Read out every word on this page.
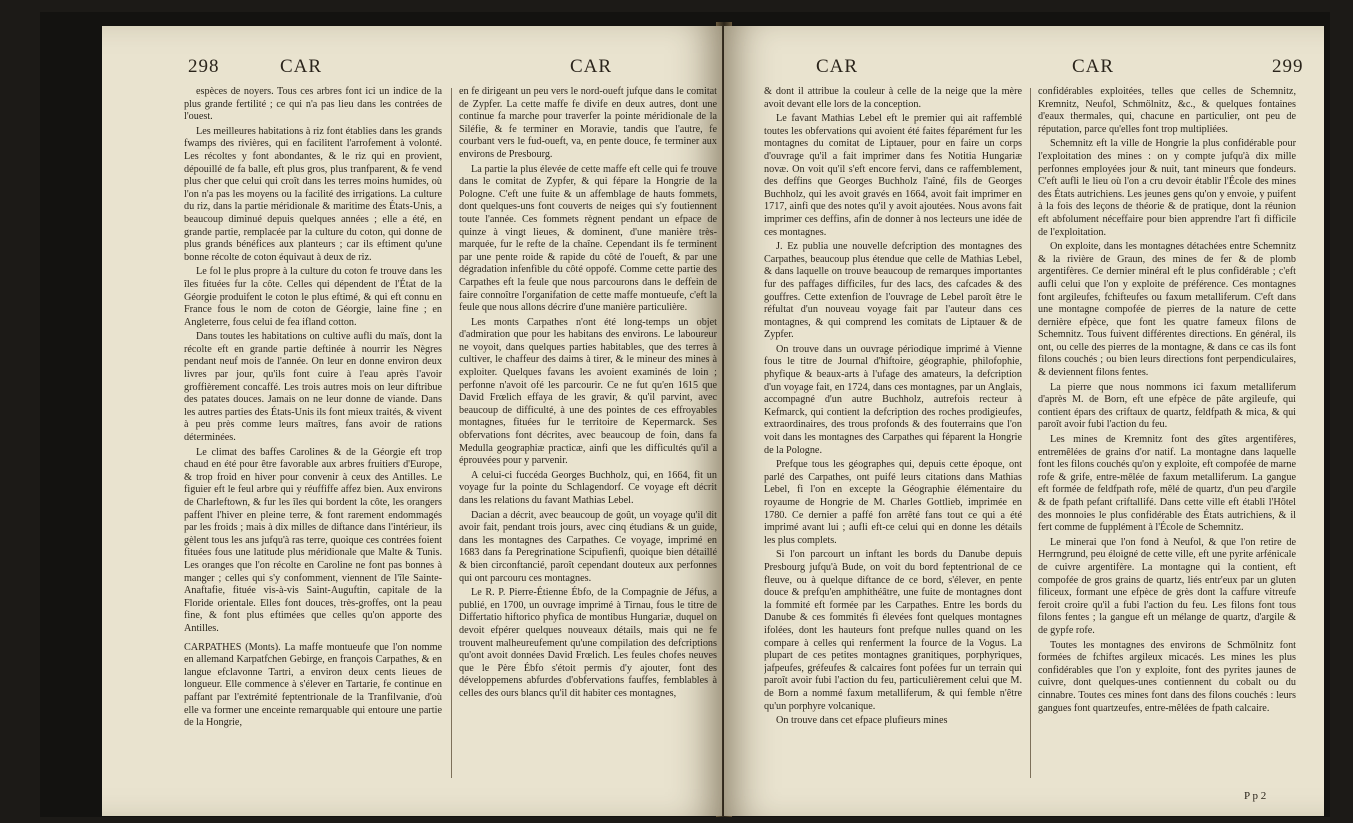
298	CAR	CAR

espèces de noyers. Tous ces arbres font ici un indice de la plus grande fertilité ; ce qui n'a pas lieu dans les contrées de l'ouest.

Les meilleures habitations à riz font établies dans les grands fwamps des rivières, qui en facilitent l'arrofement à volonté. Les récoltes y font abondantes, & le riz qui en provient, dépouillé de fa balle, eft plus gros, plus tranfparent, & fe vend plus cher que celui qui croît dans les terres moins humides, où l'on n'a pas les moyens ou la facilité des irrigations. La culture du riz, dans la partie méridionale & maritime des États-Unis, a beaucoup diminué depuis quelques années ; elle a été, en grande partie, remplacée par la culture du coton, qui donne de plus grands bénéfices aux planteurs ; car ils eftiment qu'une bonne récolte de coton équivaut à deux de riz.

Le fol le plus propre à la culture du coton fe trouve dans les îles fituées fur la côte. Celles qui dépendent de l'État de la Géorgie produifent le coton le plus eftimé, & qui eft connu en France fous le nom de coton de Géorgie, laine fine ; en Angleterre, fous celui de fea ifland cotton.

Dans toutes les habitations on cultive aufli du maïs, dont la récolte eft en grande partie deftinée à nourrir les Nègres pendant neuf mois de l'année. On leur en donne environ deux livres par jour, qu'ils font cuire à l'eau après l'avoir groffièrement concaffé. Les trois autres mois on leur diftribue des patates douces. Jamais on ne leur donne de viande. Dans les autres parties des États-Unis ils font mieux traités, & vivent à peu près comme leurs maîtres, fans avoir de rations déterminées.

Le climat des baffes Carolines & de la Géorgie eft trop chaud en été pour être favorable aux arbres fruitiers d'Europe, & trop froid en hiver pour convenir à ceux des Antilles. Le figuier eft le feul arbre qui y réuffiffe affez bien. Aux environs de Charleftown, & fur les îles qui bordent la côte, les orangers paffent l'hiver en pleine terre, & font rarement endommagés par les froids ; mais à dix milles de diftance dans l'intérieur, ils gèlent tous les ans jufqu'à ras terre, quoique ces contrées foient fituées fous une latitude plus méridionale que Malte & Tunis. Les oranges que l'on récolte en Caroline ne font pas bonnes à manger ; celles qui s'y confomment, viennent de l'île Sainte-Anaftafie, fituée vis-à-vis Saint-Auguftin, capitale de la Floride orientale. Elles font douces, très-groffes, ont la peau fine, & font plus eftimées que celles qu'on apporte des Antilles.

CARPATHES (Monts). La maffe montueufe que l'on nomme en allemand Karpatfchen Gebirge, en françois Carpathes, & en langue efclavonne Tartri, a environ deux cents lieues de longueur. Elle commence à s'élever en Tartarie, fe continue en paffant par l'extrémité feptentrionale de la Tranfilvanie, d'où elle va former une enceinte remarquable qui entoure une partie de la Hongrie,

en fe dirigeant un peu vers le nord-oueft jufque dans le comitat de Zypfer. La cette maffe fe divife en deux autres, dont une continue fa marche pour traverfer la pointe méridionale de la Siléfie, & fe terminer en Moravie, tandis que l'autre, fe courbant vers le fud-oueft, va, en pente douce, fe terminer aux environs de Presbourg.

La partie la plus élevée de cette maffe eft celle qui fe trouve dans le comitat de Zypfer, & qui fépare la Hongrie de la Pologne. C'eft une fuite & un affemblage de hauts fommets, dont quelques-uns font couverts de neiges qui s'y foutiennent toute l'année. Ces fommets règnent pendant un efpace de quinze à vingt lieues, & dominent, d'une manière très-marquée, fur le refte de la chaîne. Cependant ils fe terminent par une pente roide & rapide du côté de l'oueft, & par une dégradation infenfible du côté oppofé. Comme cette partie des Carpathes eft la feule que nous parcourons dans le deffein de faire connoître l'organifation de cette maffe montueufe, c'eft la feule que nous allons décrire d'une manière particulière.

Les monts Carpathes n'ont été long-temps un objet d'admiration que pour les habitans des environs. Le laboureur ne voyoit, dans quelques parties habitables, que des terres à cultiver, le chaffeur des daims à tirer, & le mineur des mines à exploiter. Quelques favans les avoient examinés de loin ; perfonne n'avoit ofé les parcourir. Ce ne fut qu'en 1615 que David Frœlich effaya de les gravir, & qu'il parvint, avec beaucoup de difficulté, à une des pointes de ces effroyables montagnes, fituées fur le territoire de Kepermarck. Ses obfervations font décrites, avec beaucoup de foin, dans fa Medulla geographiæ practicæ, ainfi que les difficultés qu'il a éprouvées pour y parvenir.

A celui-ci fuccéda Georges Buchholz, qui, en 1664, fit un voyage fur la pointe du Schlagendorf. Ce voyage eft décrit dans les relations du favant Mathias Lebel.

Dacian a décrit, avec beaucoup de goût, un voyage qu'il dit avoir fait, pendant trois jours, avec cinq étudians & un guide, dans les montagnes des Carpathes. Ce voyage, imprimé en 1683 dans fa Peregrinatione Scipufienfi, quoique bien détaillé & bien circonftancié, paroît cependant douteux aux perfonnes qui ont parcouru ces montagnes.

Le R. P. Pierre-Étienne Ébfo, de la Compagnie de Jéfus, a publié, en 1700, un ouvrage imprimé à Tirnau, fous le titre de Differtatio hiftorico phyfica de montibus Hungariæ, duquel on devoit efpérer quelques nouveaux détails, mais qui ne fe trouvent malheureufement qu'une compilation des defcriptions qu'ont avoit données David Frœlich. Les feules chofes neuves que le Père Ébfo s'étoit permis d'y ajouter, font des développemens abfurdes d'obfervations fauffes, femblables à celles des ours blancs qu'il dit habiter ces montagnes,

CAR	CAR	299

& dont il attribue la couleur à celle de la neige que la mère avoit devant elle lors de la conception.

Le favant Mathias Lebel eft le premier qui ait raffemblé toutes les obfervations qui avoient été faites féparément fur les montagnes du comitat de Liptauer, pour en faire un corps d'ouvrage qu'il a fait imprimer dans fes Notitia Hungariæ novæ. On voit qu'il s'eft encore fervi, dans ce raffemblement, des deffins que Georges Buchholz l'aîné, fils de Georges Buchholz, qui les avoit gravés en 1664, avoit fait imprimer en 1717, ainfi que des notes qu'il y avoit ajoutées. Nous avons fait imprimer ces deffins, afin de donner à nos lecteurs une idée de ces montagnes.

J. Ez publia une nouvelle defcription des montagnes des Carpathes, beaucoup plus étendue que celle de Mathias Lebel, & dans laquelle on trouve beaucoup de remarques importantes fur des paffages difficiles, fur des lacs, des cafcades & des gouffres. Cette extenfion de l'ouvrage de Lebel paroît être le réfultat d'un nouveau voyage fait par l'auteur dans ces montagnes, & qui comprend les comitats de Liptauer & de Zypfer.

On trouve dans un ouvrage périodique imprimé à Vienne fous le titre de Journal d'hiftoire, géographie, philofophie, phyfique & beaux-arts à l'ufage des amateurs, la defcription d'un voyage fait, en 1724, dans ces montagnes, par un Anglais, accompagné d'un autre Buchholz, autrefois recteur à Kefmarck, qui contient la defcription des roches prodigieufes, extraordinaires, des trous profonds & des fouterrains que l'on voit dans les montagnes des Carpathes qui féparent la Hongrie de la Pologne.

Prefque tous les géographes qui, depuis cette époque, ont parlé des Carpathes, ont puifé leurs citations dans Mathias Lebel, fi l'on en excepte la Géographie élémentaire du royaume de Hongrie de M. Charles Gottlieb, imprimée en 1780. Ce dernier a paffé fon arrêté fans tout ce qui a été imprimé avant lui ; aufli eft-ce celui qui en donne les détails les plus complets.

Si l'on parcourt un inftant les bords du Danube depuis Presbourg jufqu'à Bude, on voit du bord feptentrional de ce fleuve, ou à quelque diftance de ce bord, s'élever, en pente douce & prefqu'en amphithéâtre, une fuite de montagnes dont la fommité eft formée par les Carpathes. Entre les bords du Danube & ces fommités fi élevées font quelques montagnes ifolées, dont les hauteurs font prefque nulles quand on les compare à celles qui renferment la fource de la Vogus. La plupart de ces petites montagnes granitiques, porphyriques, jafpeufes, gréfeufes & calcaires font pofées fur un terrain qui paroît avoir fubi l'action du feu, particulièrement celui que M. de Born a nommé faxum metalliferum, & qui femble n'être qu'un porphyre volcanique.

On trouve dans cet efpace plufieurs mines

confidérables exploitées, telles que celles de Schemnitz, Kremnitz, Neufol, Schmölnitz, &c., & quelques fontaines d'eaux thermales, qui, chacune en particulier, ont peu de réputation, parce qu'elles font trop multipliées.

Schemnitz eft la ville de Hongrie la plus confidérable pour l'exploitation des mines : on y compte jufqu'à dix mille perfonnes employées jour & nuit, tant mineurs que fondeurs. C'eft aufli le lieu où l'on a cru devoir établir l'École des mines des États autrichiens. Les jeunes gens qu'on y envoie, y puifent à la fois des leçons de théorie & de pratique, dont la réunion eft abfolument néceffaire pour bien apprendre l'art fi difficile de l'exploitation.

On exploite, dans les montagnes détachées entre Schemnitz & la rivière de Graun, des mines de fer & de plomb argentifères. Ce dernier minéral eft le plus confidérable ; c'eft aufli celui que l'on y exploite de préférence. Ces montagnes font argileufes, fchifteufes ou faxum metalliferum. C'eft dans une montagne compofée de pierres de la nature de cette dernière efpèce, que font les quatre fameux filons de Schemnitz. Tous fuivent différentes directions. En général, ils ont, ou celle des pierres de la montagne, & dans ce cas ils font filons couchés ; ou bien leurs directions font perpendiculaires, & deviennent filons fentes.

La pierre que nous nommons ici faxum metalliferum d'après M. de Born, eft une efpèce de pâte argileufe, qui contient épars des criftaux de quartz, feldfpath & mica, & qui paroît avoir fubi l'action du feu.

Les mines de Kremnitz font des gîtes argentifères, entremêlées de grains d'or natif. La montagne dans laquelle font les filons couchés qu'on y exploite, eft compofée de marne rofe & grife, entre-mêlée de faxum metalliferum. La gangue eft formée de feldfpath rofe, mêlé de quartz, d'un peu d'argile & de fpath pefant criftallifé. Dans cette ville eft établi l'Hôtel des monnoies le plus confidérable des États autrichiens, & il fert comme de fupplément à l'École de Schemnitz.

Le minerai que l'on fond à Neufol, & que l'on retire de Herrngrund, peu éloigné de cette ville, eft une pyrite arfénicale de cuivre argentifère. La montagne qui la contient, eft compofée de gros grains de quartz, liés entr'eux par un gluten filiceux, formant une efpèce de grès dont la caffure vitreufe feroit croire qu'il a fubi l'action du feu. Les filons font tous filons fentes ; la gangue eft un mélange de quartz, d'argile & de gypfe rofe.

Toutes les montagnes des environs de Schmölnitz font formées de fchiftes argileux micacés. Les mines les plus confidérables que l'on y exploite, font des pyrites jaunes de cuivre, dont quelques-unes contiennent du cobalt ou du cinnabre. Toutes ces mines font dans des filons couchés : leurs gangues font quartzeufes, entre-mêlées de fpath calcaire.

P p 2
